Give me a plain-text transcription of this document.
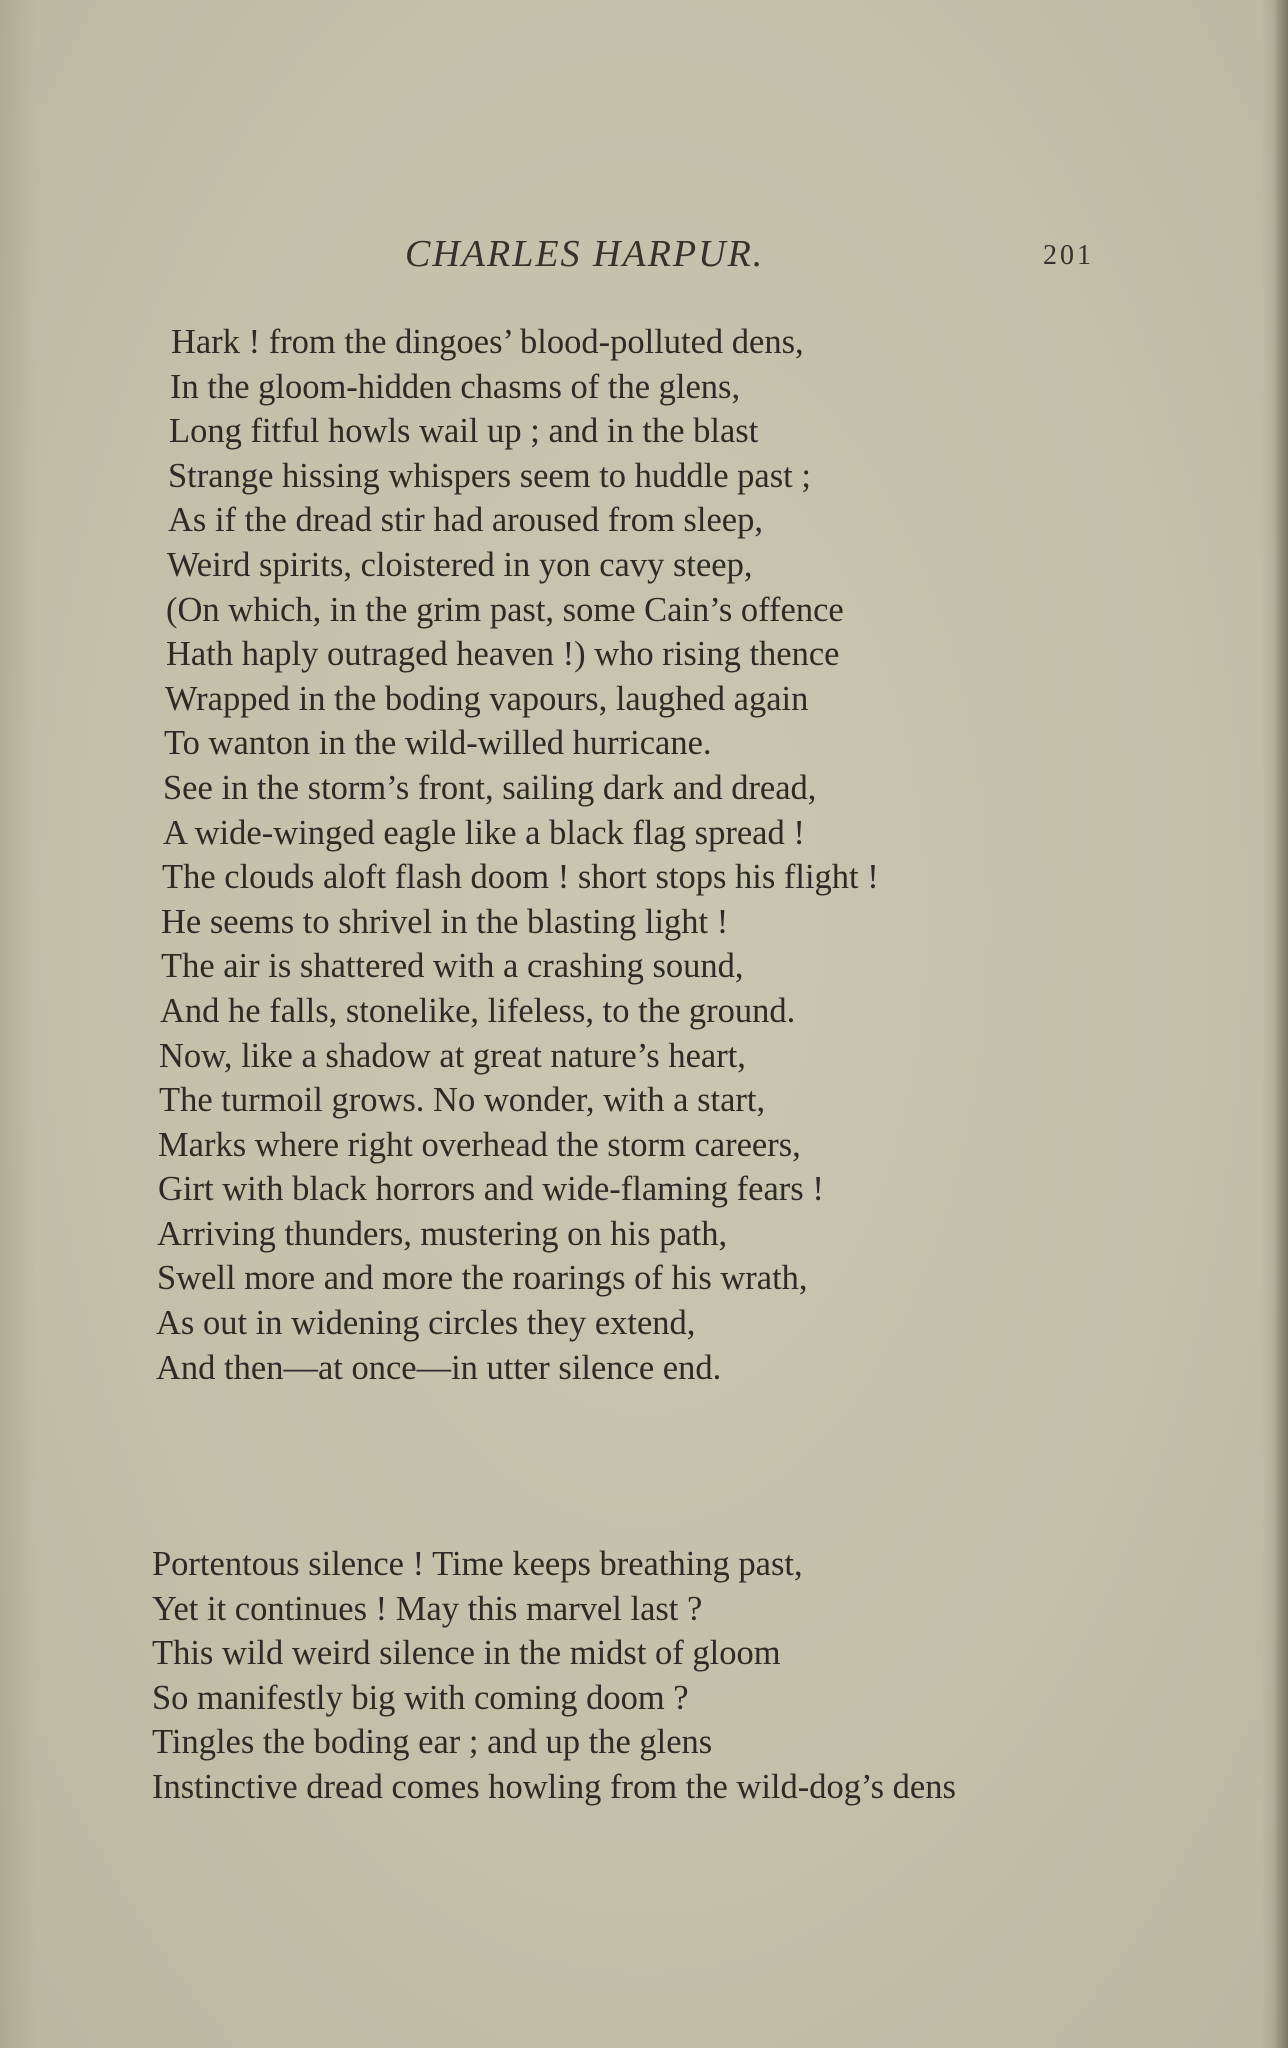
CHARLES HARPUR.	201
Hark ! from the dingoes’ blood-polluted dens,
In the gloom-hidden chasms of the glens,
Long fitful howls wail up ; and in the blast
Strange hissing whispers seem to huddle past ;
As if the dread stir had aroused from sleep,
Weird spirits, cloistered in yon cavy steep,
(On which, in the grim past, some Cain’s offence
Hath haply outraged heaven !) who rising thence
Wrapped in the boding vapours, laughed again
To wanton in the wild-willed hurricane.
See in the storm’s front, sailing dark and dread,
A wide-winged eagle like a black flag spread !
The clouds aloft flash doom ! short stops his flight !
He seems to shrivel in the blasting light !
The air is shattered with a crashing sound,
And he falls, stonelike, lifeless, to the ground.
Now, like a shadow at great nature’s heart,
The turmoil grows. No wonder, with a start,
Marks where right overhead the storm careers,
Girt with black horrors and wide-flaming fears !
Arriving thunders, mustering on his path,
Swell more and more the roarings of his wrath,
As out in widening circles they extend,
And then—at once—in utter silence end.
Portentous silence ! Time keeps breathing past,
Yet it continues ! May this marvel last ?
This wild weird silence in the midst of gloom
So manifestly big with coming doom ?
Tingles the boding ear ; and up the glens
Instinctive dread comes howling from the wild-dog’s dens
